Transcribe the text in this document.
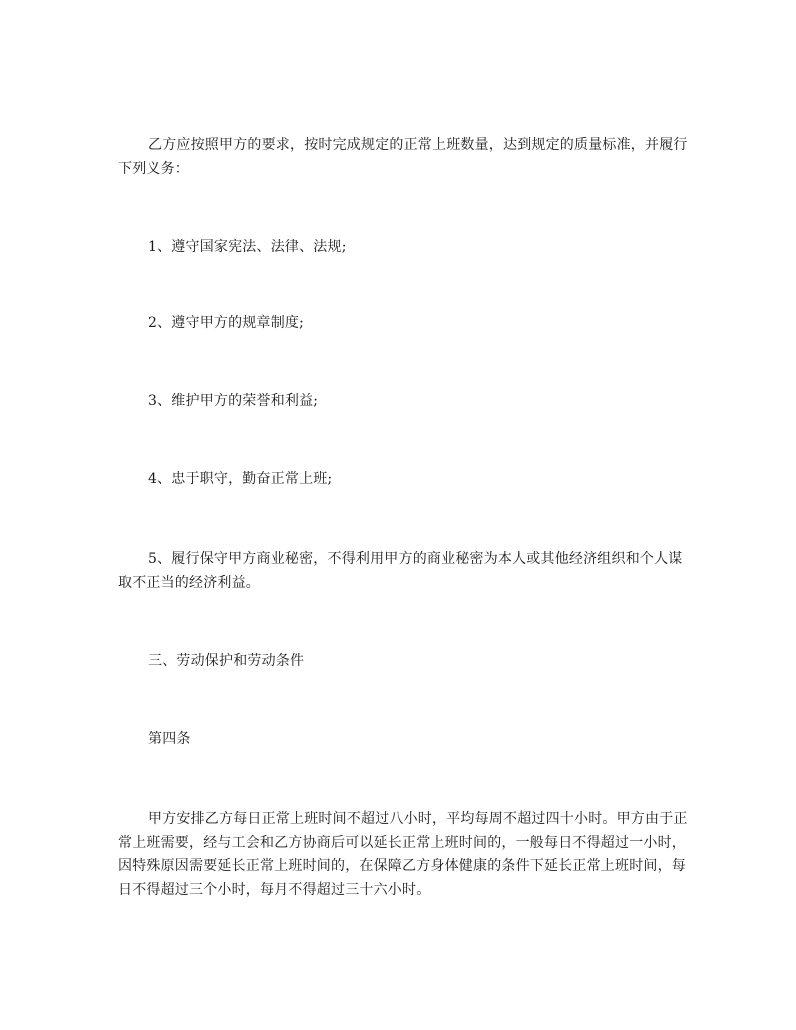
乙方应按照甲方的要求，按时完成规定的正常上班数量，达到规定的质量标准，并履行下列义务：

1、遵守国家宪法、法律、法规;

2、遵守甲方的规章制度;

3、维护甲方的荣誉和利益;

4、忠于职守，勤奋正常上班;

5、履行保守甲方商业秘密，不得利用甲方的商业秘密为本人或其他经济组织和个人谋取不正当的经济利益。

三、劳动保护和劳动条件

第四条

甲方安排乙方每日正常上班时间不超过八小时，平均每周不超过四十小时。甲方由于正常上班需要，经与工会和乙方协商后可以延长正常上班时间的，一般每日不得超过一小时，因特殊原因需要延长正常上班时间的，在保障乙方身体健康的条件下延长正常上班时间，每日不得超过三个小时，每月不得超过三十六小时。
